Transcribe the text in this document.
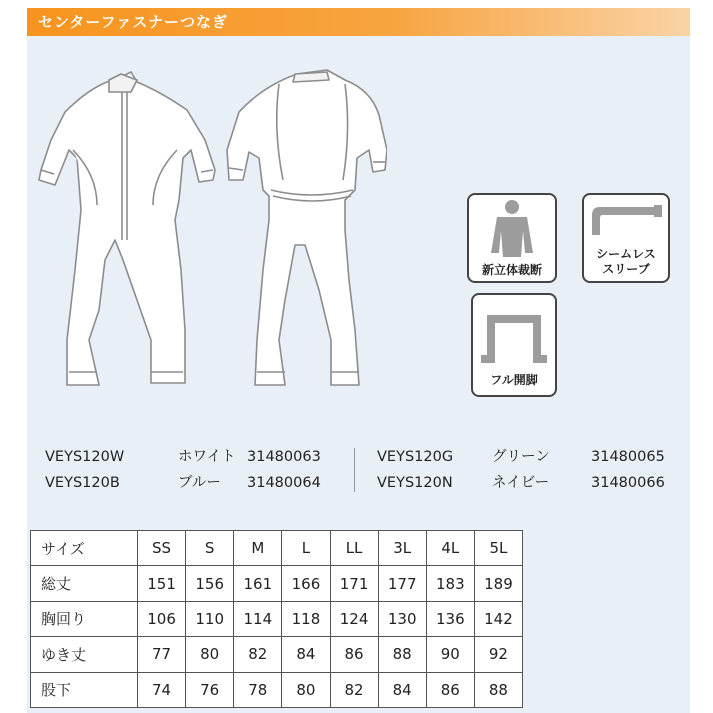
センターファスナーつなぎ
新立体裁断
シームレス
スリーブ
フル開脚
VEYS120W	ホワイト 31480063
VEYS120B	ブルー 31480064
VEYS120G	グリーン	31480065
VEYS120N	ネイビー	31480066
サイズ	SS	S	M	L	LL	3L	4L	5L
総丈	151	156	161	166	171	177	183	189
胸回り	106	110	114	118	124	130	136	142
ゆき丈	77	80	82	84	86	88	90	92
股下	74	76	78	80	82	84	86	88
